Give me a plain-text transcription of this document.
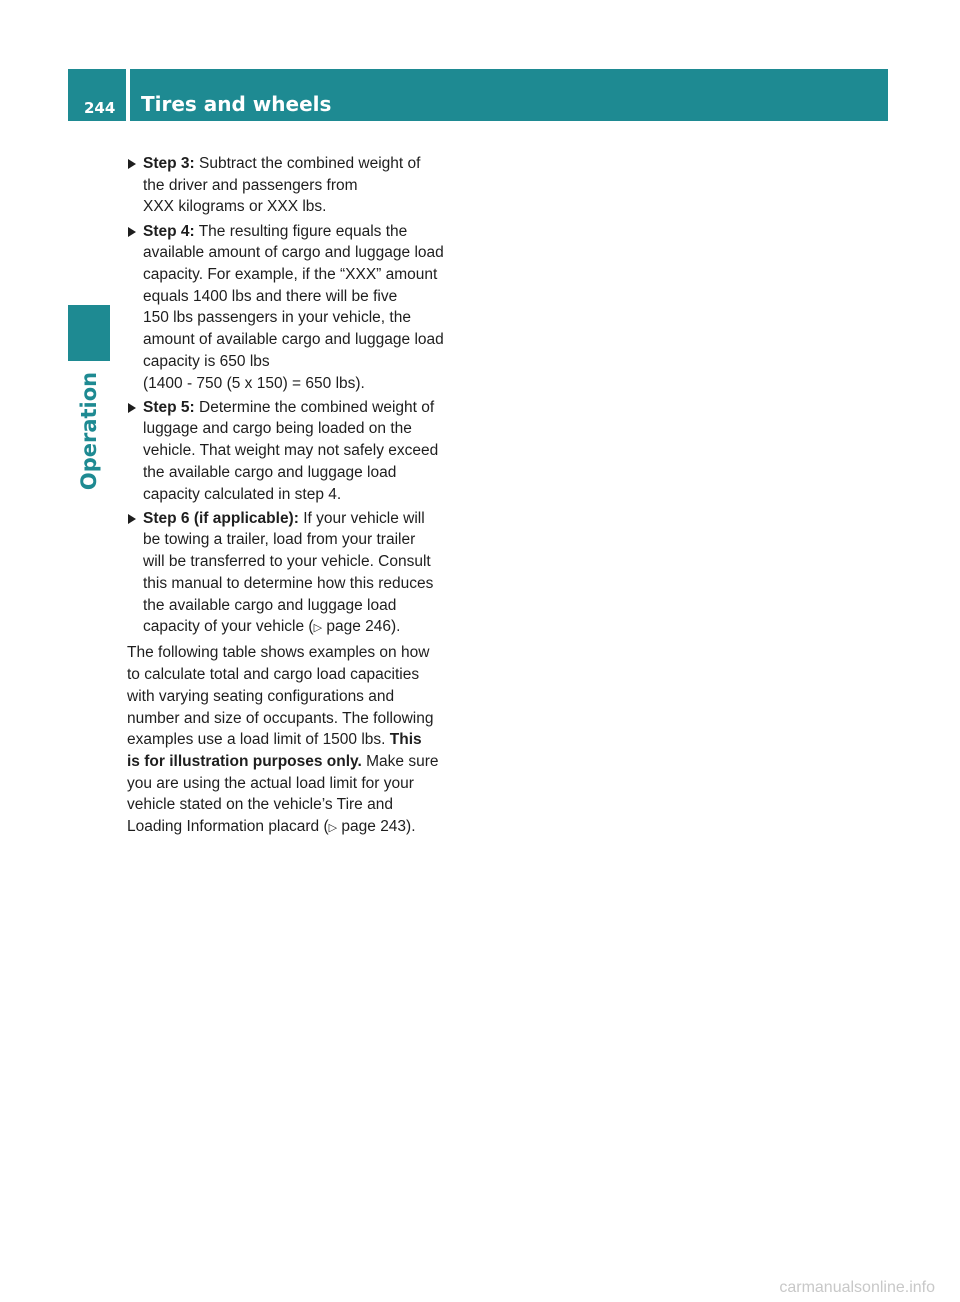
244 Tires and wheels
Operation
Step 3: Subtract the combined weight of
the driver and passengers from
XXX kilograms or XXX lbs.
Step 4: The resulting figure equals the
available amount of cargo and luggage load
capacity. For example, if the “XXX” amount
equals 1400 lbs and there will be five
150 lbs passengers in your vehicle, the
amount of available cargo and luggage load
capacity is 650 lbs
(1400 - 750 (5 x 150) = 650 lbs).
Step 5: Determine the combined weight of
luggage and cargo being loaded on the
vehicle. That weight may not safely exceed
the available cargo and luggage load
capacity calculated in step 4.
Step 6 (if applicable): If your vehicle will
be towing a trailer, load from your trailer
will be transferred to your vehicle. Consult
this manual to determine how this reduces
the available cargo and luggage load
capacity of your vehicle (▷ page 246).
The following table shows examples on how
to calculate total and cargo load capacities
with varying seating configurations and
number and size of occupants. The following
examples use a load limit of 1500 lbs. This
is for illustration purposes only. Make sure
you are using the actual load limit for your
vehicle stated on the vehicle’s Tire and
Loading Information placard (▷ page 243).
carmanualsonline.info
